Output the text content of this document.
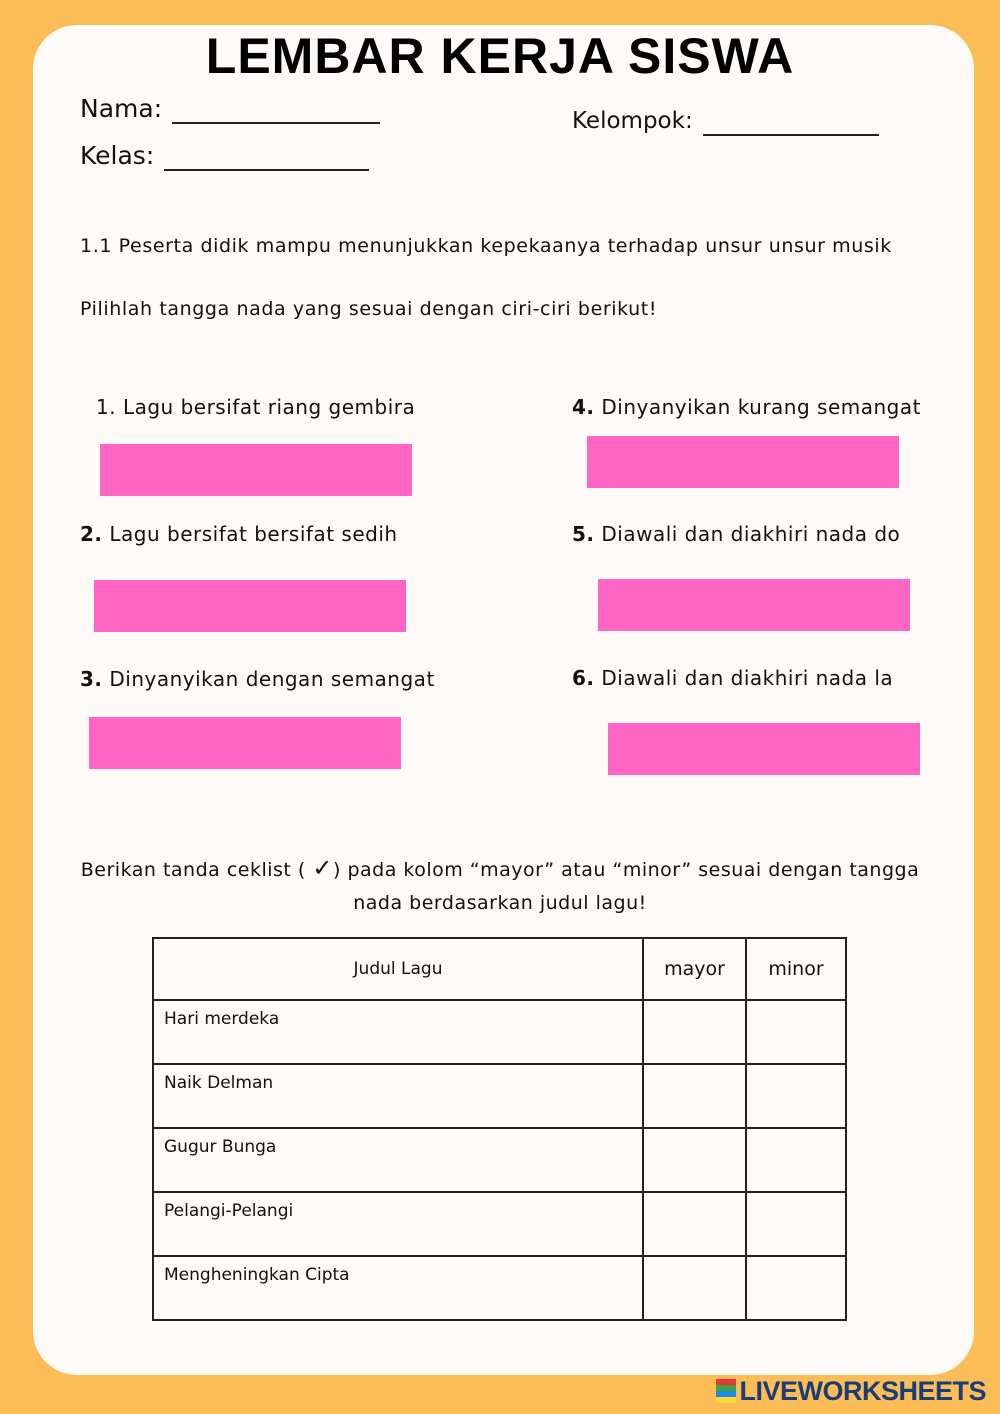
LEMBAR KERJA SISWA
Nama:
Kelas:
Kelompok:
1.1 Peserta didik mampu menunjukkan kepekaanya terhadap unsur unsur musik
Pilihlah tangga nada yang sesuai dengan ciri-ciri berikut!
1. Lagu bersifat riang gembira
2. Lagu bersifat bersifat sedih
3. Dinyanyikan dengan semangat
4. Dinyanyikan kurang semangat
5. Diawali dan diakhiri nada do
6. Diawali dan diakhiri nada la
Berikan tanda ceklist ( ✓) pada kolom “mayor” atau “minor” sesuai dengan tangga
nada berdasarkan judul lagu!
Judul Lagu	mayor	minor
Hari merdeka		
Naik Delman		
Gugur Bunga		
Pelangi-Pelangi		
Mengheningkan Cipta		
LIVEWORKSHEETS
